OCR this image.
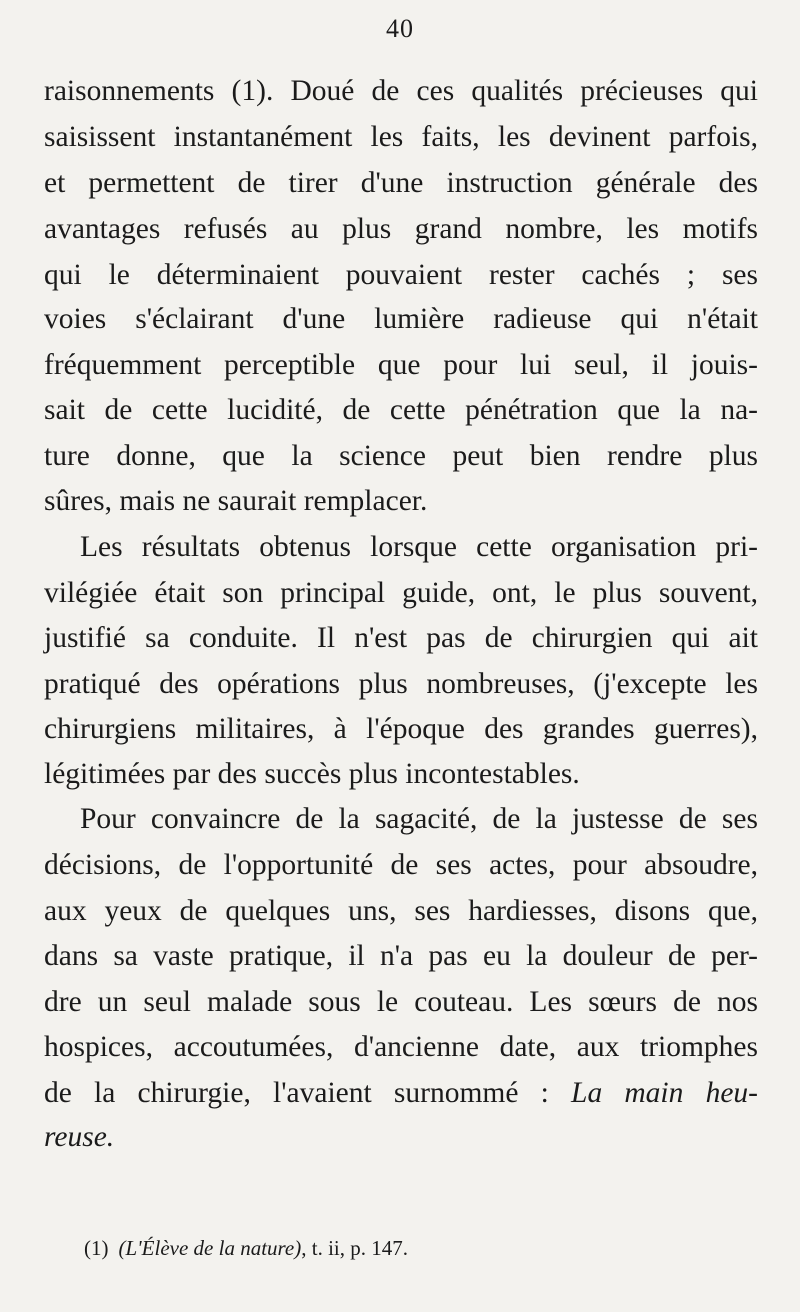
40
raisonnements (1). Doué de ces qualités précieuses qui
saisissent instantanément les faits, les devinent parfois,
et permettent de tirer d'une instruction générale des
avantages refusés au plus grand nombre, les motifs
qui le déterminaient pouvaient rester cachés ; ses
voies s'éclairant d'une lumière radieuse qui n'était
fréquemment perceptible que pour lui seul, il jouis-
sait de cette lucidité, de cette pénétration que la na-
ture donne, que la science peut bien rendre plus
sûres, mais ne saurait remplacer.
Les résultats obtenus lorsque cette organisation pri-
vilégiée était son principal guide, ont, le plus souvent,
justifié sa conduite. Il n'est pas de chirurgien qui ait
pratiqué des opérations plus nombreuses, (j'excepte les
chirurgiens militaires, à l'époque des grandes guerres),
légitimées par des succès plus incontestables.
Pour convaincre de la sagacité, de la justesse de ses
décisions, de l'opportunité de ses actes, pour absoudre,
aux yeux de quelques uns, ses hardiesses, disons que,
dans sa vaste pratique, il n'a pas eu la douleur de per-
dre un seul malade sous le couteau. Les sœurs de nos
hospices, accoutumées, d'ancienne date, aux triomphes
de la chirurgie, l'avaient surnommé : La main heu-
reuse.
(1) (L'Élève de la nature), t. ii, p. 147.
